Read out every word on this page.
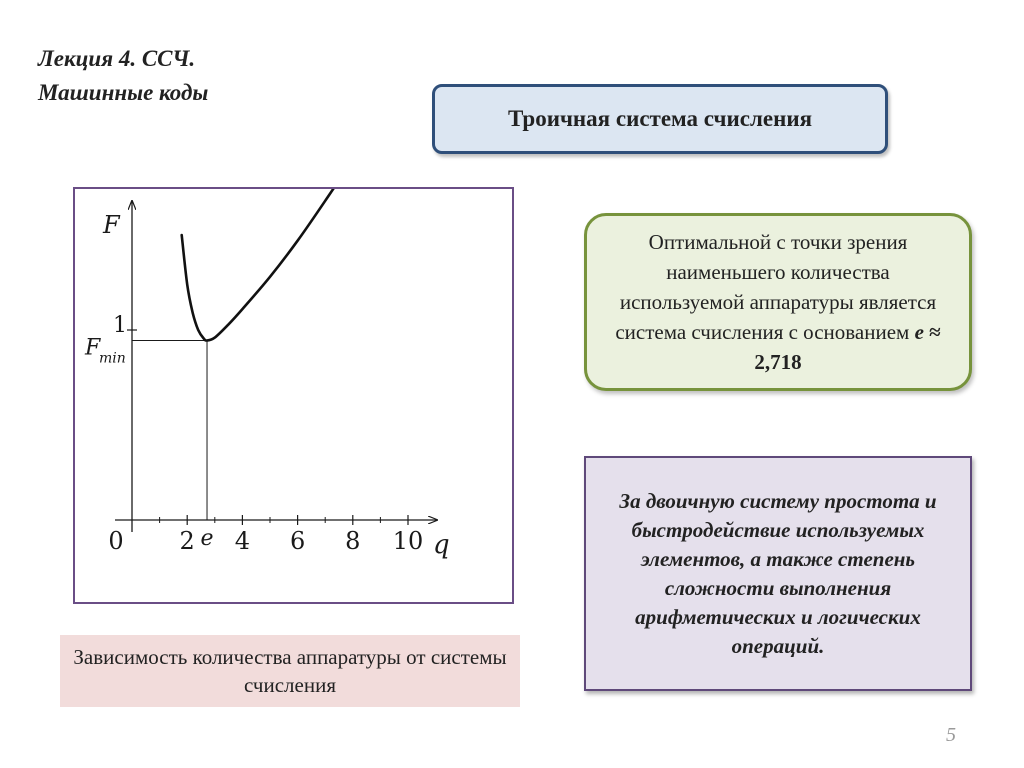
Лекция 4. ССЧ.
Машинные коды
Троичная система счисления
F
q
0 2 4 6 8 10
e
1
F
min
Зависимость количества аппаратуры от системы счисления
Оптимальной с точки зрения наименьшего количества используемой аппаратуры является система счисления с основанием e ≈ 2,718
За двоичную систему простота и быстродействие используемых элементов, а также степень сложности выполнения арифметических и логических операций.
5
